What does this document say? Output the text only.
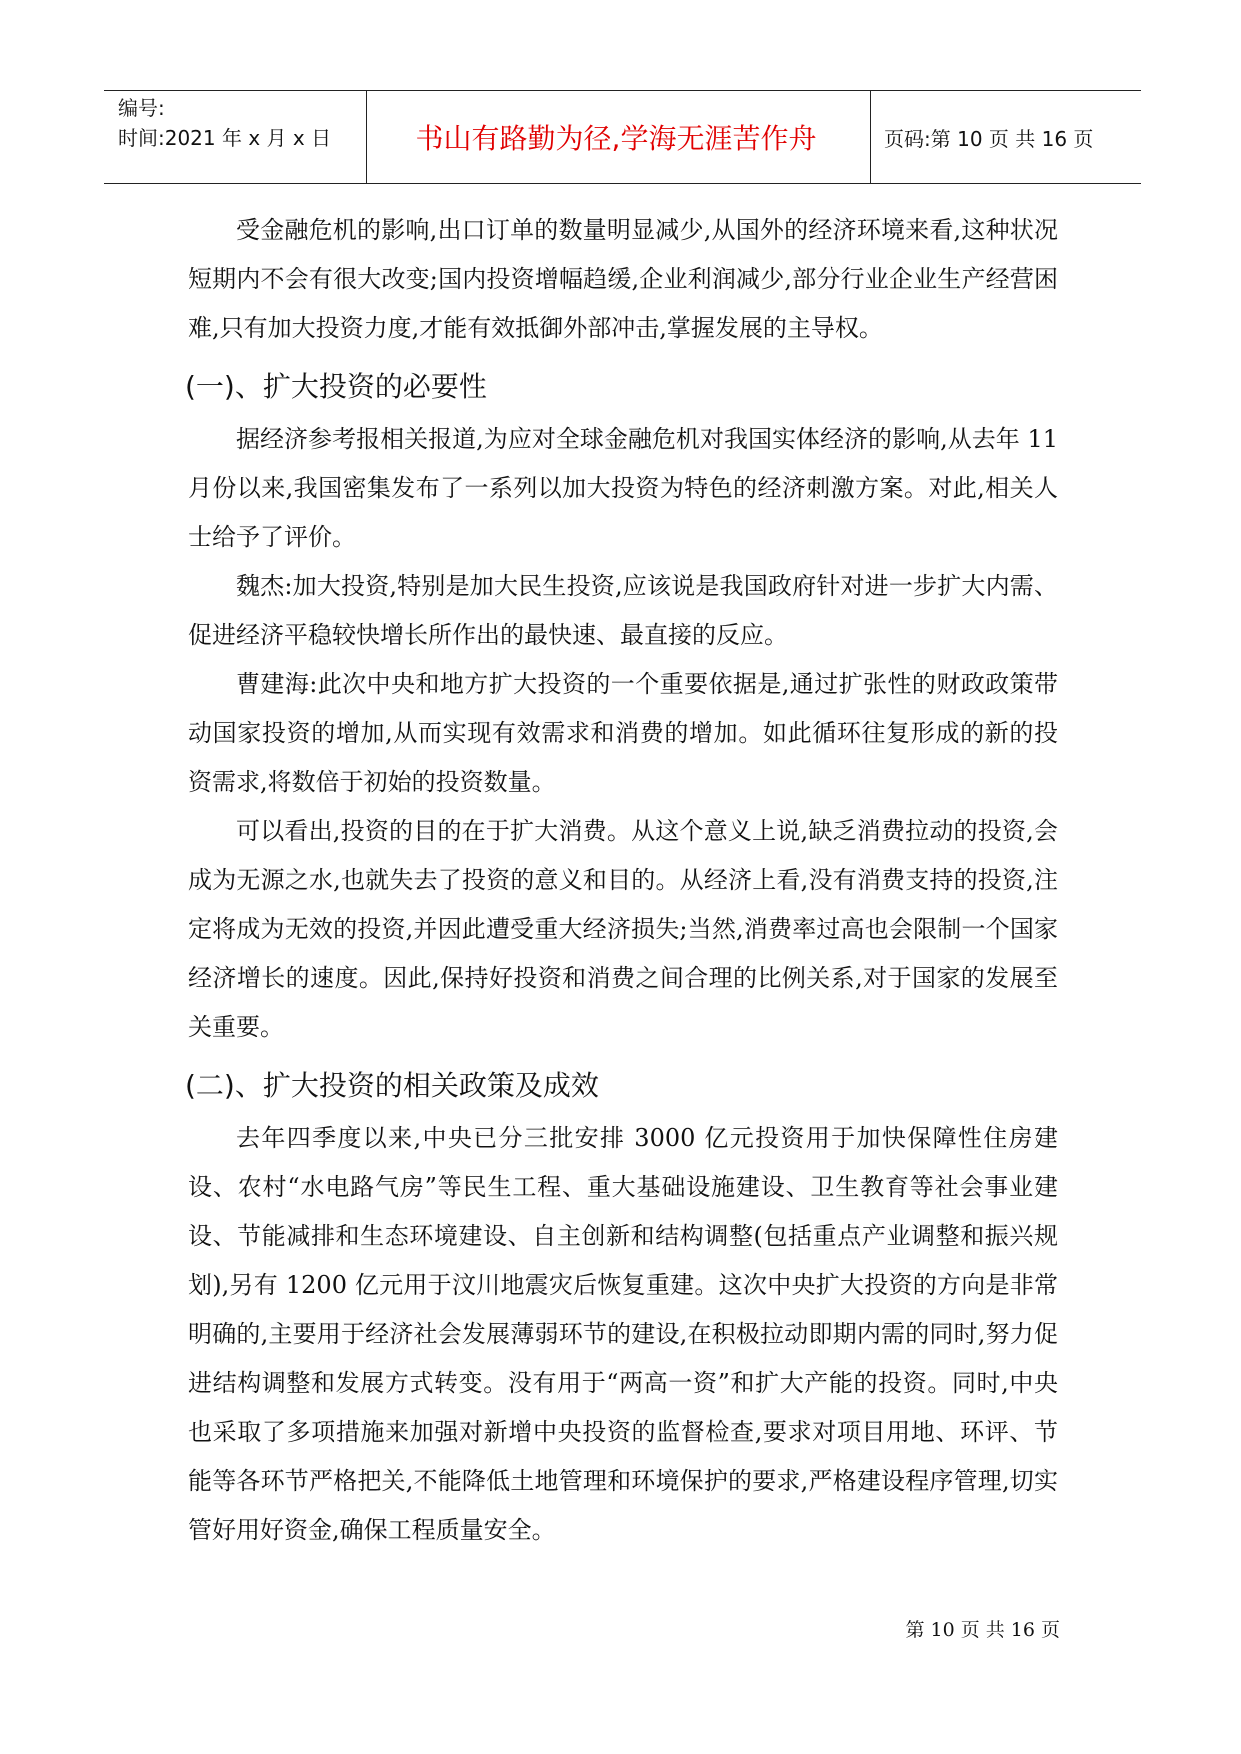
编号:
时间:2021 年 x 月 x 日	书山有路勤为径,学海无涯苦作舟	页码:第 10 页 共 16 页

受金融危机的影响,出口订单的数量明显减少,从国外的经济环境来看,这种状况短期内不会有很大改变;国内投资增幅趋缓,企业利润减少,部分行业企业生产经营困难,只有加大投资力度,才能有效抵御外部冲击,掌握发展的主导权。

(一)、扩大投资的必要性

据经济参考报相关报道,为应对全球金融危机对我国实体经济的影响,从去年 11 月份以来,我国密集发布了一系列以加大投资为特色的经济刺激方案。对此,相关人士给予了评价。

魏杰:加大投资,特别是加大民生投资,应该说是我国政府针对进一步扩大内需、促进经济平稳较快增长所作出的最快速、最直接的反应。

曹建海:此次中央和地方扩大投资的一个重要依据是,通过扩张性的财政政策带动国家投资的增加,从而实现有效需求和消费的增加。如此循环往复形成的新的投资需求,将数倍于初始的投资数量。

可以看出,投资的目的在于扩大消费。从这个意义上说,缺乏消费拉动的投资,会成为无源之水,也就失去了投资的意义和目的。从经济上看,没有消费支持的投资,注定将成为无效的投资,并因此遭受重大经济损失;当然,消费率过高也会限制一个国家经济增长的速度。因此,保持好投资和消费之间合理的比例关系,对于国家的发展至关重要。

(二)、扩大投资的相关政策及成效

去年四季度以来,中央已分三批安排 3000 亿元投资用于加快保障性住房建设、农村“水电路气房”等民生工程、重大基础设施建设、卫生教育等社会事业建设、节能减排和生态环境建设、自主创新和结构调整(包括重点产业调整和振兴规划),另有 1200 亿元用于汶川地震灾后恢复重建。这次中央扩大投资的方向是非常明确的,主要用于经济社会发展薄弱环节的建设,在积极拉动即期内需的同时,努力促进结构调整和发展方式转变。没有用于“两高一资”和扩大产能的投资。同时,中央也采取了多项措施来加强对新增中央投资的监督检查,要求对项目用地、环评、节能等各环节严格把关,不能降低土地管理和环境保护的要求,严格建设程序管理,切实管好用好资金,确保工程质量安全。

第 10 页 共 16 页
